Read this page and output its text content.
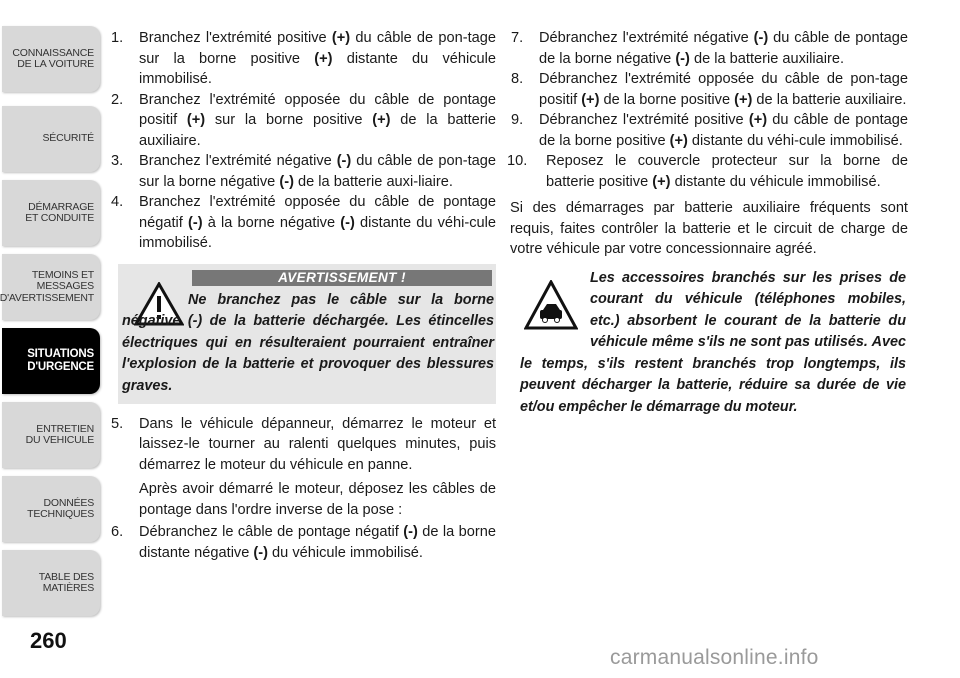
CONNAISSANCE
DE LA VOITURE
SÉCURITÉ
DÉMARRAGE
ET CONDUITE
TEMOINS ET
MESSAGES
D'AVERTISSEMENT
SITUATIONS
D'URGENCE
ENTRETIEN
DU VEHICULE
DONNÉES
TECHNIQUES
TABLE DES
MATIÈRES
260
carmanualsonline.info

1. Branchez l'extrémité positive (+) du câble de pon-tage sur la borne positive (+) distante du véhicule immobilisé.

2. Branchez l'extrémité opposée du câble de pontage positif (+) sur la borne positive (+) de la batterie auxiliaire.

3. Branchez l'extrémité négative (-) du câble de pon-tage sur la borne négative (-) de la batterie auxi-liaire.

4. Branchez l'extrémité opposée du câble de pontage négatif (-) à la borne négative (-) distante du véhi-cule immobilisé.

AVERTISSEMENT !
Ne branchez pas le câble sur la borne négative (-) de la batterie déchargée. Les étincelles électriques qui en résulteraient pourraient entraîner l'explosion de la batterie et provoquer des blessures graves.

5. Dans le véhicule dépanneur, démarrez le moteur et laissez-le tourner au ralenti quelques minutes, puis démarrez le moteur du véhicule en panne.

Après avoir démarré le moteur, déposez les câbles de pontage dans l'ordre inverse de la pose :

6. Débranchez le câble de pontage négatif (-) de la borne distante négative (-) du véhicule immobilisé.

7. Débranchez l'extrémité négative (-) du câble de pontage de la borne négative (-) de la batterie auxiliaire.

8. Débranchez l'extrémité opposée du câble de pon-tage positif (+) de la borne positive (+) de la batterie auxiliaire.

9. Débranchez l'extrémité positive (+) du câble de pontage de la borne positive (+) distante du véhi-cule immobilisé.

10. Reposez le couvercle protecteur sur la borne de batterie positive (+) distante du véhicule immobilisé.

Si des démarrages par batterie auxiliaire fréquents sont requis, faites contrôler la batterie et le circuit de charge de votre véhicule par votre concessionnaire agréé.

Les accessoires branchés sur les prises de courant du véhicule (téléphones mobiles, etc.) absorbent le courant de la batterie du véhicule même s'ils ne sont pas utilisés. Avec le temps, s'ils restent branchés trop longtemps, ils peuvent décharger la batterie, réduire sa durée de vie et/ou empêcher le démarrage du moteur.
